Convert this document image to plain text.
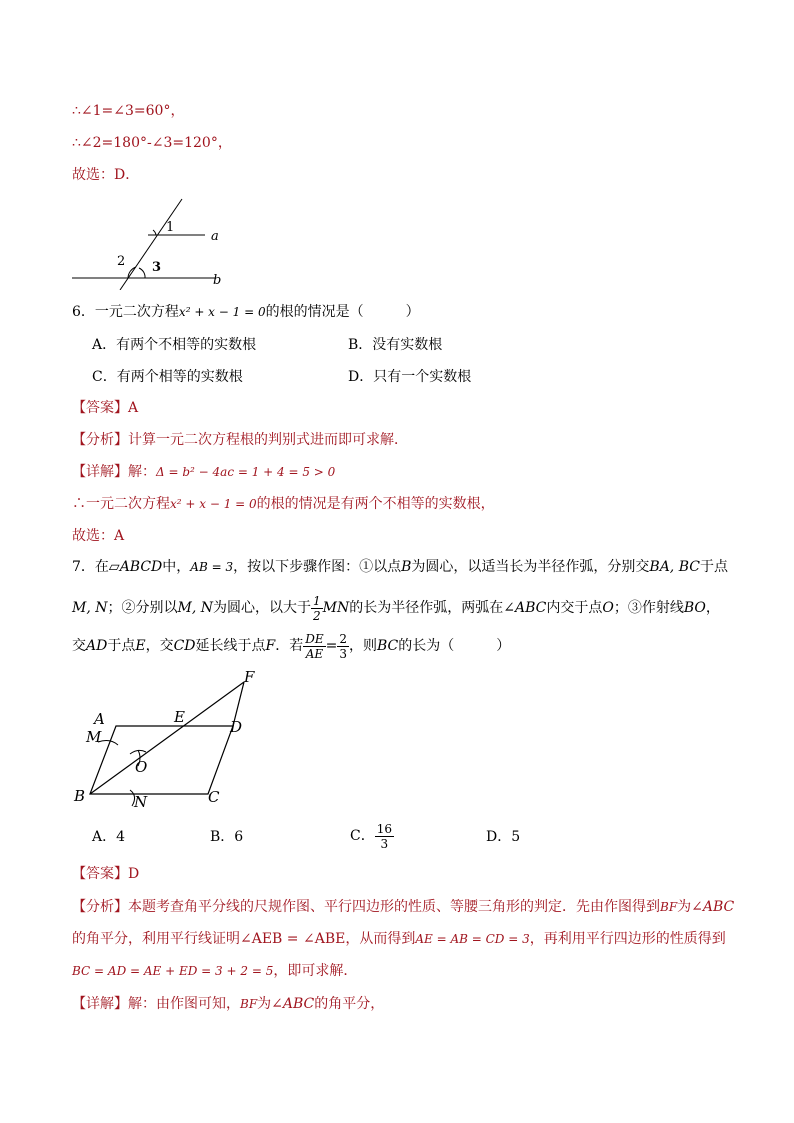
∴∠1=∠3=60°，
∴∠2=180°-∠3=120°，
故选：D．
1
2 3
a
b
6．一元二次方程x² + x − 1 = 0的根的情况是（　　　）
A．有两个不相等的实数根	B．没有实数根
C．有两个相等的实数根	D．只有一个实数根
【答案】A
【分析】计算一元二次方程根的判别式进而即可求解．
【详解】解：Δ = b² − 4ac = 1 + 4 = 5 > 0
∴一元二次方程x² + x − 1 = 0的根的情况是有两个不相等的实数根，
故选：A
7．在▱ABCD中，AB = 3，按以下步骤作图：①以点B为圆心，以适当长为半径作弧，分别交BA, BC于点
M, N；②分别以M, N为圆心，以大于 $\frac{1}{2}$ MN的长为半径作弧，两弧在∠ABC内交于点O；③作射线BO，
交AD于点E，交CD延长线于点F．若 $\frac{DE}{AE} = \frac{2}{3}$ ，则BC的长为（　　　）
A
B	C
D
E
F
M
N
O
A．4	B．6	C． $\frac{16}{3}$	D．5
【答案】D
【分析】本题考查角平分线的尺规作图、平行四边形的性质、等腰三角形的判定．先由作图得到BF为∠ABC
的角平分，利用平行线证明∠AEB = ∠ABE，从而得到AE = AB = CD = 3，再利用平行四边形的性质得到
BC = AD = AE + ED = 3 + 2 = 5，即可求解．
【详解】解：由作图可知，BF为∠ABC的角平分，
